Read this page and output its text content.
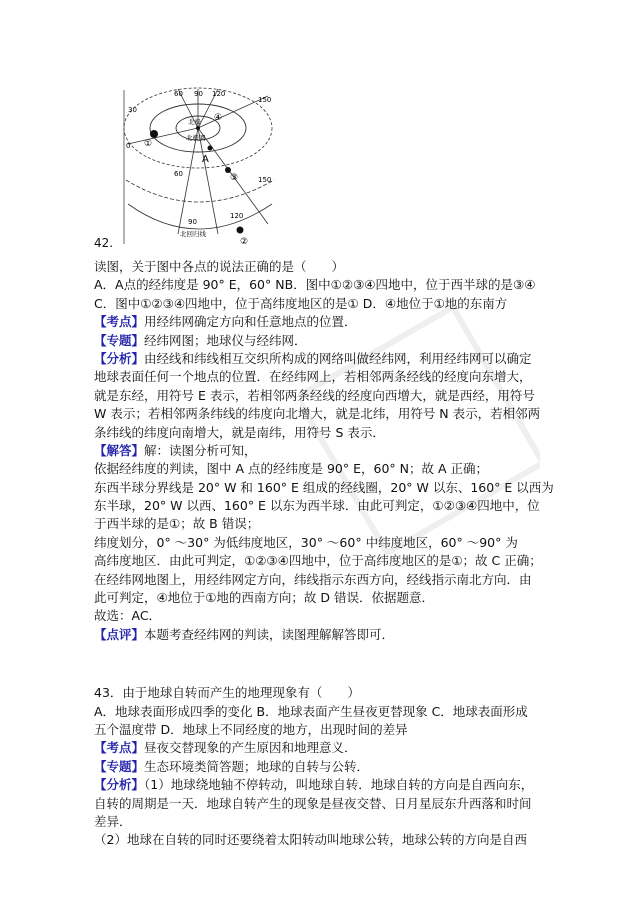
60 90 120
150
30
0
60
90
120
150
北极
北极圈
A
①
②
③
④
北回归线
42.
读图，关于图中各点的说法正确的是（　　）
A．A点的经纬度是 90° E，60° NB．图中①②③④四地中，位于西半球的是③④
C．图中①②③④四地中，位于高纬度地区的是① D．④地位于①地的东南方
【考点】用经纬网确定方向和任意地点的位置．
【专题】经纬网图；地球仪与经纬网．
【分析】由经线和纬线相互交织所构成的网络叫做经纬网，利用经纬网可以确定
地球表面任何一个地点的位置．在经纬网上，若相邻两条经线的经度向东增大，
就是东经，用符号 E 表示，若相邻两条经线的经度向西增大，就是西经，用符号
W 表示；若相邻两条纬线的纬度向北增大，就是北纬，用符号 N 表示，若相邻两
条纬线的纬度向南增大，就是南纬，用符号 S 表示．
【解答】解：读图分析可知，
依据经纬度的判读，图中 A 点的经纬度是 90° E，60° N；故 A 正确；
东西半球分界线是 20° W 和 160° E 组成的经线圈，20° W 以东、160° E 以西为
东半球，20° W 以西、160° E 以东为西半球．由此可判定，①②③④四地中，位
于西半球的是①；故 B 错误；
纬度划分，0° ～30° 为低纬度地区，30° ～60° 中纬度地区，60° ～90° 为
高纬度地区．由此可判定，①②③④四地中，位于高纬度地区的是①；故 C 正确；
在经纬网地图上，用经纬网定方向，纬线指示东西方向，经线指示南北方向．由
此可判定，④地位于①地的西南方向；故 D 错误．依据题意．
故选：AC．
【点评】本题考查经纬网的判读，读图理解解答即可．
43．由于地球自转而产生的地理现象有（　　）
A．地球表面形成四季的变化 B．地球表面产生昼夜更替现象 C．地球表面形成
五个温度带 D．地球上不同经度的地方，出现时间的差异
【考点】昼夜交替现象的产生原因和地理意义．
【专题】生态环境类简答题；地球的自转与公转．
【分析】（1）地球绕地轴不停转动，叫地球自转．地球自转的方向是自西向东，
自转的周期是一天．地球自转产生的现象是昼夜交替、日月星辰东升西落和时间
差异．
（2）地球在自转的同时还要绕着太阳转动叫地球公转，地球公转的方向是自西
